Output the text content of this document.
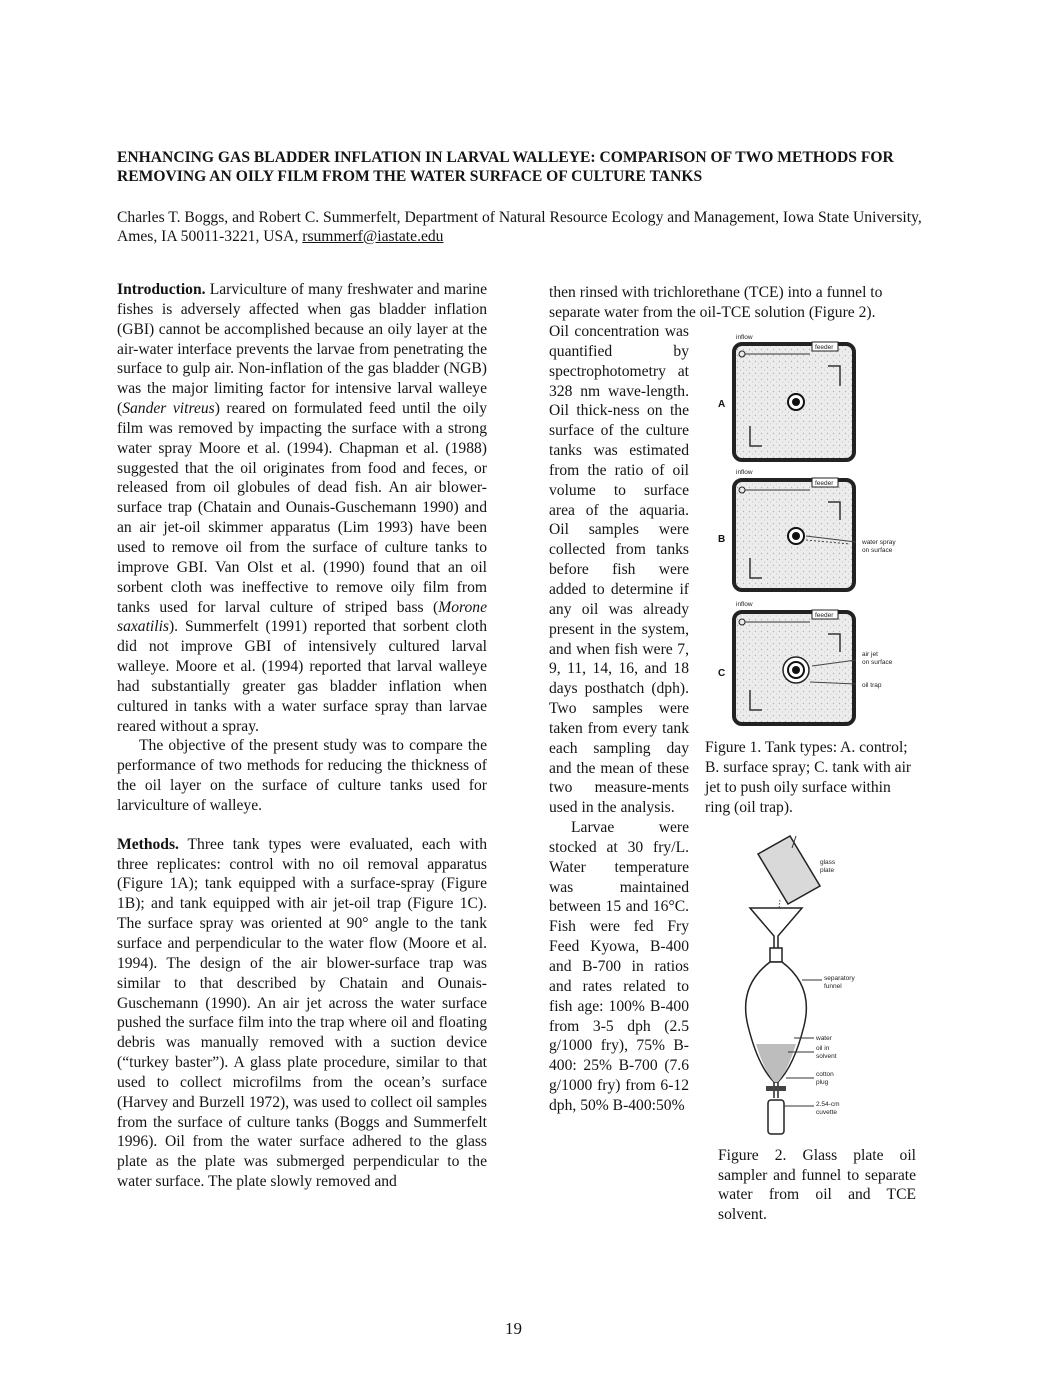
ENHANCING GAS BLADDER INFLATION IN LARVAL WALLEYE: COMPARISON OF TWO METHODS FOR REMOVING AN OILY FILM FROM THE WATER SURFACE OF CULTURE TANKS
Charles T. Boggs, and Robert C. Summerfelt, Department of Natural Resource Ecology and Management, Iowa State University, Ames, IA 50011-3221, USA, rsummerf@iastate.edu

Introduction. Larviculture of many freshwater and marine fishes is adversely affected when gas bladder inflation (GBI) cannot be accomplished because an oily layer at the air-water interface prevents the larvae from penetrating the surface to gulp air. Non-inflation of the gas bladder (NGB) was the major limiting factor for intensive larval walleye (Sander vitreus) reared on formulated feed until the oily film was removed by impacting the surface with a strong water spray Moore et al. (1994). Chapman et al. (1988) suggested that the oil originates from food and feces, or released from oil globules of dead fish. An air blower-surface trap (Chatain and Ounais-Guschemann 1990) and an air jet-oil skimmer apparatus (Lim 1993) have been used to remove oil from the surface of culture tanks to improve GBI. Van Olst et al. (1990) found that an oil sorbent cloth was ineffective to remove oily film from tanks used for larval culture of striped bass (Morone saxatilis). Summerfelt (1991) reported that sorbent cloth did not improve GBI of intensively cultured larval walleye. Moore et al. (1994) reported that larval walleye had substantially greater gas bladder inflation when cultured in tanks with a water surface spray than larvae reared without a spray.

The objective of the present study was to compare the performance of two methods for reducing the thickness of the oil layer on the surface of culture tanks used for larviculture of walleye.

Methods. Three tank types were evaluated, each with three replicates: control with no oil removal apparatus (Figure 1A); tank equipped with a surface-spray (Figure 1B); and tank equipped with air jet-oil trap (Figure 1C). The surface spray was oriented at 90° angle to the tank surface and perpendicular to the water flow (Moore et al. 1994). The design of the air blower-surface trap was similar to that described by Chatain and Ounais-Guschemann (1990). An air jet across the water surface pushed the surface film into the trap where oil and floating debris was manually removed with a suction device (“turkey baster”). A glass plate procedure, similar to that used to collect microfilms from the ocean’s surface (Harvey and Burzell 1972), was used to collect oil samples from the surface of culture tanks (Boggs and Summerfelt 1996). Oil from the water surface adhered to the glass plate as the plate was submerged perpendicular to the water surface. The plate slowly removed and

then rinsed with trichlorethane (TCE) into a funnel to separate water from the oil-TCE solution (Figure 2).

Oil concentration was quantified by spectrophotometry at 328 nm wave-length. Oil thick-ness on the surface of the culture tanks was estimated from the ratio of oil volume to surface area of the aquaria. Oil samples were collected from tanks before fish were added to determine if any oil was already present in the system, and when fish were 7, 9, 11, 14, 16, and 18 days posthatch (dph). Two samples were taken from every tank each sampling day and the mean of these two measure-ments used in the analysis.

Larvae were stocked at 30 fry/L. Water temperature was maintained between 15 and 16°C. Fish were fed Fry Feed Kyowa, B-400 and B-700 in ratios and rates related to fish age: 100% B-400 from 3-5 dph (2.5 g/1000 fry), 75% B-400: 25% B-700 (7.6 g/1000 fry) from 6-12 dph, 50% B-400:50%

inflow
feeder
A
inflow
feeder
B	water spray
on surface
inflow
feeder
C
air jet
on surface
oil trap
Figure 1. Tank types: A. control; B. surface spray; C. tank with air jet to push oily surface within ring (oil trap).
glass
plate
separatory
funnel
water
oil in
solvent
cotton
plug
2.54-cm
cuvette
Figure 2. Glass plate oil sampler and funnel to separate water from oil and TCE solvent.
19
